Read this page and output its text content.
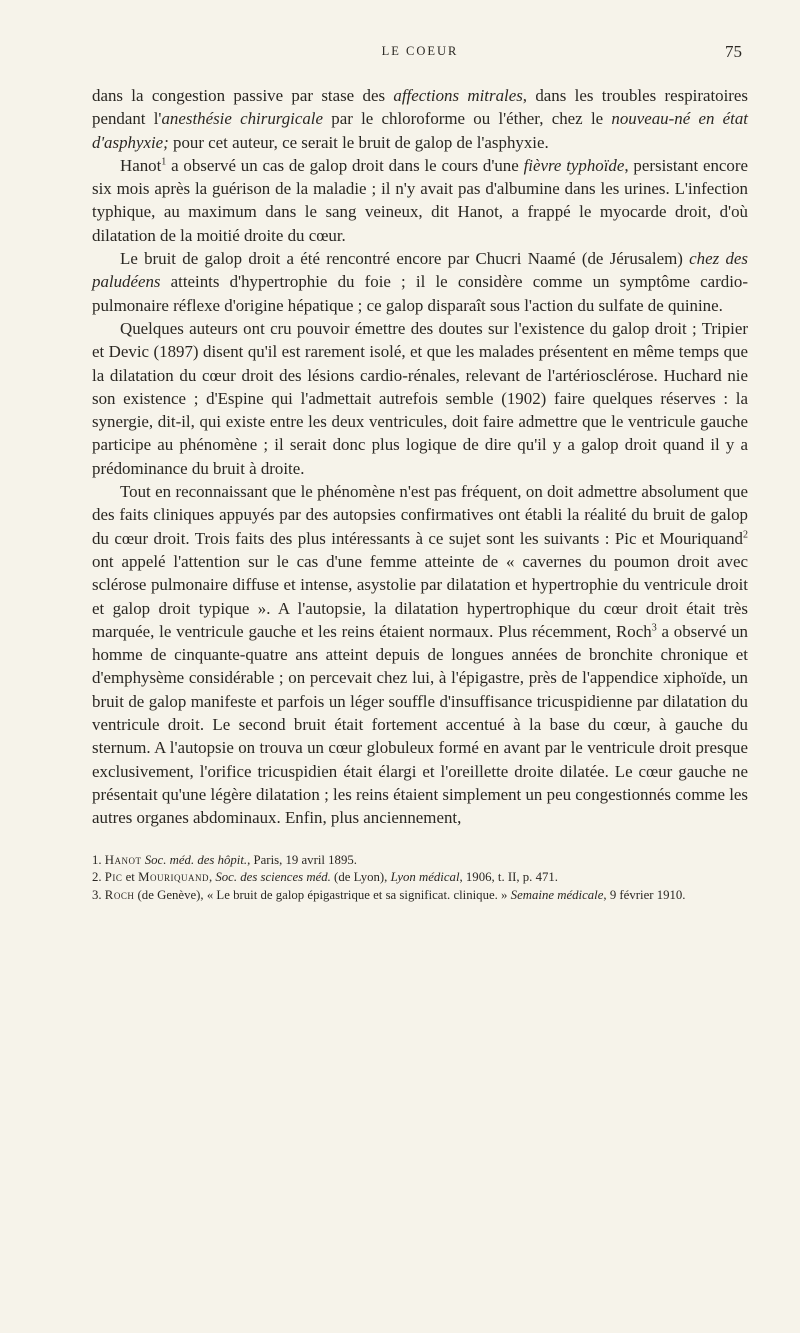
LE COEUR	75

dans la congestion passive par stase des affections mitrales, dans les troubles respiratoires pendant l'anesthésie chirurgicale par le chloroforme ou l'éther, chez le nouveau-né en état d'asphyxie; pour cet auteur, ce serait le bruit de galop de l'asphyxie.

Hanot$^1$ a observé un cas de galop droit dans le cours d'une fièvre typhoïde, persistant encore six mois après la guérison de la maladie ; il n'y avait pas d'albumine dans les urines. L'infection typhique, au maximum dans le sang veineux, dit Hanot, a frappé le myocarde droit, d'où dilatation de la moitié droite du cœur.

Le bruit de galop droit a été rencontré encore par Chucri Naamé (de Jérusalem) chez des paludéens atteints d'hypertrophie du foie ; il le considère comme un symptôme cardio-pulmonaire réflexe d'origine hépatique ; ce galop disparaît sous l'action du sulfate de quinine.

Quelques auteurs ont cru pouvoir émettre des doutes sur l'existence du galop droit ; Tripier et Devic (1897) disent qu'il est rarement isolé, et que les malades présentent en même temps que la dilatation du cœur droit des lésions cardio-rénales, relevant de l'artériosclérose. Huchard nie son existence ; d'Espine qui l'admettait autrefois semble (1902) faire quelques réserves : la synergie, dit-il, qui existe entre les deux ventricules, doit faire admettre que le ventricule gauche participe au phénomène ; il serait donc plus logique de dire qu'il y a galop droit quand il y a prédominance du bruit à droite.

Tout en reconnaissant que le phénomène n'est pas fréquent, on doit admettre absolument que des faits cliniques appuyés par des autopsies confirmatives ont établi la réalité du bruit de galop du cœur droit. Trois faits des plus intéressants à ce sujet sont les suivants : Pic et Mouriquand$^2$ ont appelé l'attention sur le cas d'une femme atteinte de « cavernes du poumon droit avec sclérose pulmonaire diffuse et intense, asystolie par dilatation et hypertrophie du ventricule droit et galop droit typique ». A l'autopsie, la dilatation hypertrophique du cœur droit était très marquée, le ventricule gauche et les reins étaient normaux. Plus récemment, Roch$^3$ a observé un homme de cinquante-quatre ans atteint depuis de longues années de bronchite chronique et d'emphysème considérable ; on percevait chez lui, à l'épigastre, près de l'appendice xiphoïde, un bruit de galop manifeste et parfois un léger souffle d'insuffisance tricuspidienne par dilatation du ventricule droit. Le second bruit était fortement accentué à la base du cœur, à gauche du sternum. A l'autopsie on trouva un cœur globuleux formé en avant par le ventricule droit presque exclusivement, l'orifice tricuspidien était élargi et l'oreillette droite dilatée. Le cœur gauche ne présentait qu'une légère dilatation ; les reins étaient simplement un peu congestionnés comme les autres organes abdominaux. Enfin, plus anciennement,

1. Hanot Soc. méd. des hôpit., Paris, 19 avril 1895.

2. Pic et Mouriquand, Soc. des sciences méd. (de Lyon), Lyon médical, 1906, t. II, p. 471.

3. Roch (de Genève), « Le bruit de galop épigastrique et sa significat. clinique. » Semaine médicale, 9 février 1910.
